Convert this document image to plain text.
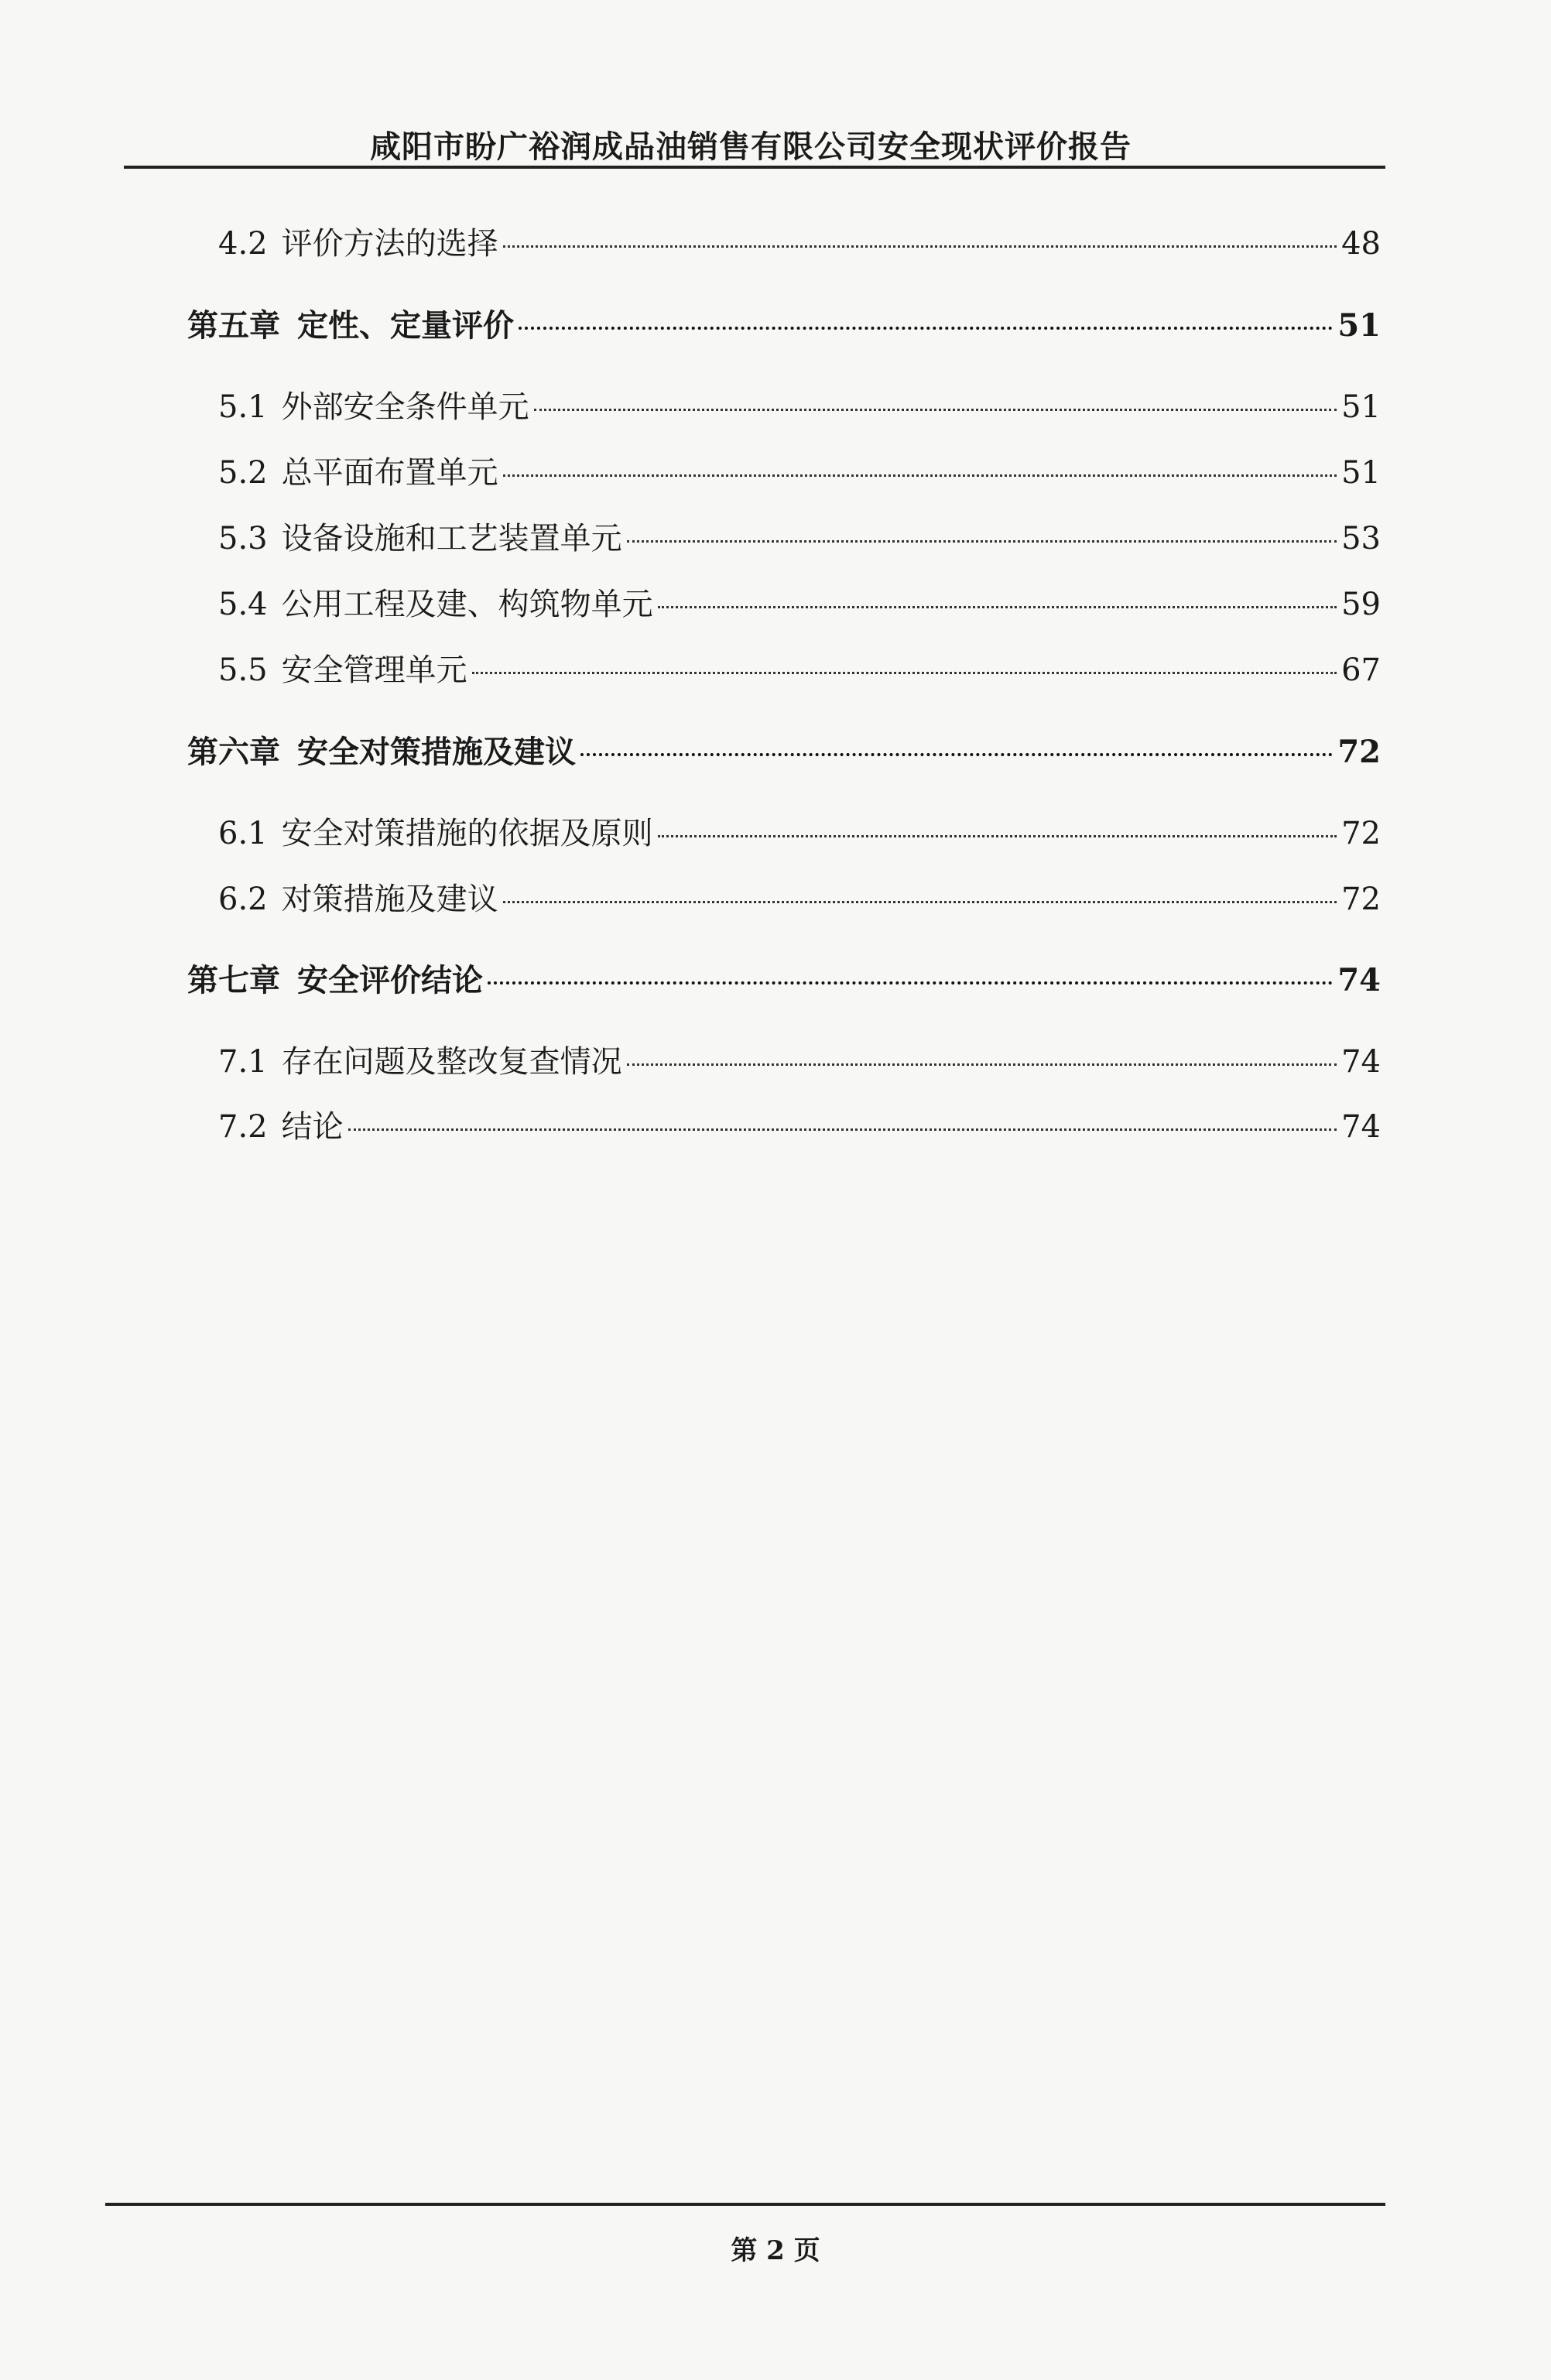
咸阳市盼广裕润成品油销售有限公司安全现状评价报告
4.2 评价方法的选择	48
第五章 定性、定量评价	51
5.1 外部安全条件单元	51
5.2 总平面布置单元	51
5.3 设备设施和工艺装置单元	53
5.4 公用工程及建、构筑物单元	59
5.5 安全管理单元	67
第六章 安全对策措施及建议	72
6.1 安全对策措施的依据及原则	72
6.2 对策措施及建议	72
第七章 安全评价结论	74
7.1 存在问题及整改复查情况	74
7.2 结论	74
第 2 页
